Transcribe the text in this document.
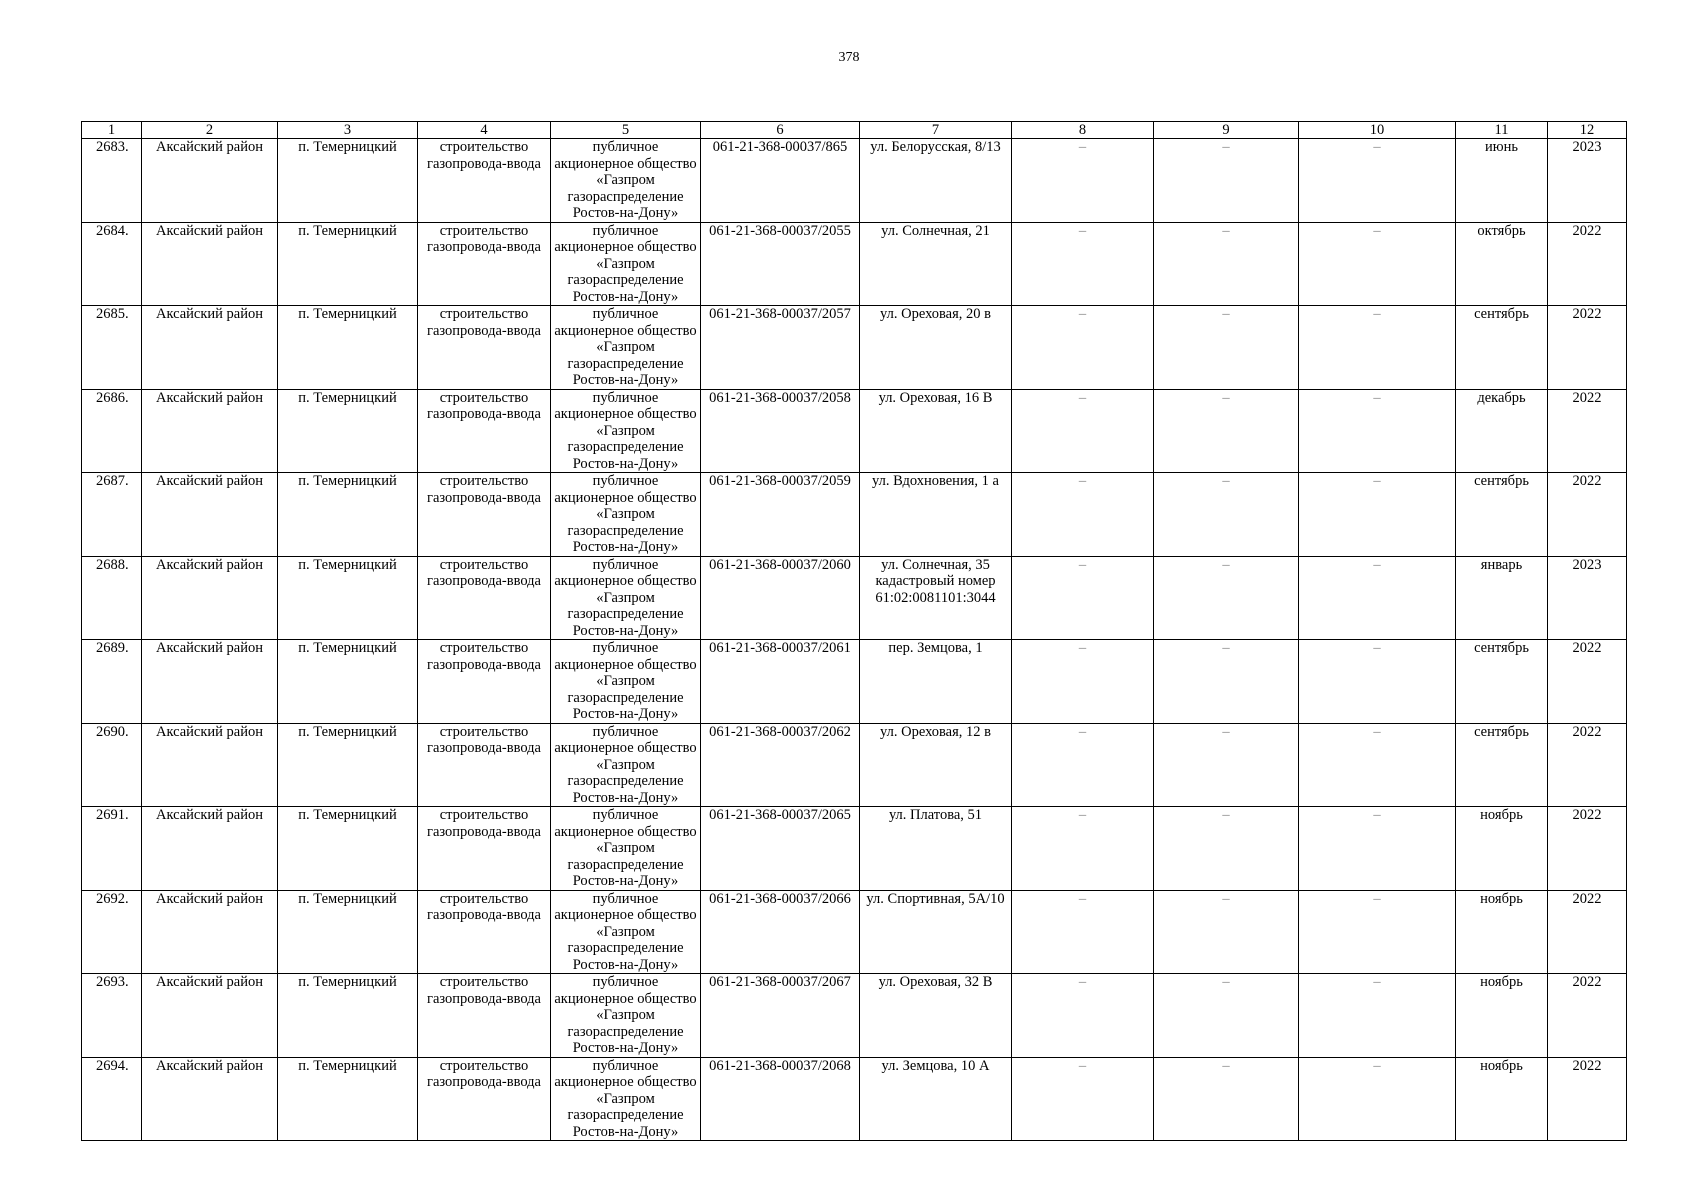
378
1	2	3	4	5	6	7	8	9	10	11	12
2683.	Аксайский район	п. Темерницкий	строительство газопровода-ввода	публичное акционерное общество «Газпром газораспределение Ростов-на-Дону»	061-21-368-00037/865	ул. Белорусская, 8/13	–	–	–	июнь	2023
2684.	Аксайский район	п. Темерницкий	строительство газопровода-ввода	публичное акционерное общество «Газпром газораспределение Ростов-на-Дону»	061-21-368-00037/2055	ул. Солнечная, 21	–	–	–	октябрь	2022
2685.	Аксайский район	п. Темерницкий	строительство газопровода-ввода	публичное акционерное общество «Газпром газораспределение Ростов-на-Дону»	061-21-368-00037/2057	ул. Ореховая, 20 в	–	–	–	сентябрь	2022
2686.	Аксайский район	п. Темерницкий	строительство газопровода-ввода	публичное акционерное общество «Газпром газораспределение Ростов-на-Дону»	061-21-368-00037/2058	ул. Ореховая, 16 В	–	–	–	декабрь	2022
2687.	Аксайский район	п. Темерницкий	строительство газопровода-ввода	публичное акционерное общество «Газпром газораспределение Ростов-на-Дону»	061-21-368-00037/2059	ул. Вдохновения, 1 а	–	–	–	сентябрь	2022
2688.	Аксайский район	п. Темерницкий	строительство газопровода-ввода	публичное акционерное общество «Газпром газораспределение Ростов-на-Дону»	061-21-368-00037/2060	ул. Солнечная, 35 кадастровый номер 61:02:0081101:3044	–	–	–	январь	2023
2689.	Аксайский район	п. Темерницкий	строительство газопровода-ввода	публичное акционерное общество «Газпром газораспределение Ростов-на-Дону»	061-21-368-00037/2061	пер. Земцова, 1	–	–	–	сентябрь	2022
2690.	Аксайский район	п. Темерницкий	строительство газопровода-ввода	публичное акционерное общество «Газпром газораспределение Ростов-на-Дону»	061-21-368-00037/2062	ул. Ореховая, 12 в	–	–	–	сентябрь	2022
2691.	Аксайский район	п. Темерницкий	строительство газопровода-ввода	публичное акционерное общество «Газпром газораспределение Ростов-на-Дону»	061-21-368-00037/2065	ул. Платова, 51	–	–	–	ноябрь	2022
2692.	Аксайский район	п. Темерницкий	строительство газопровода-ввода	публичное акционерное общество «Газпром газораспределение Ростов-на-Дону»	061-21-368-00037/2066	ул. Спортивная, 5А/10	–	–	–	ноябрь	2022
2693.	Аксайский район	п. Темерницкий	строительство газопровода-ввода	публичное акционерное общество «Газпром газораспределение Ростов-на-Дону»	061-21-368-00037/2067	ул. Ореховая, 32 В	–	–	–	ноябрь	2022
2694.	Аксайский район	п. Темерницкий	строительство газопровода-ввода	публичное акционерное общество «Газпром газораспределение Ростов-на-Дону»	061-21-368-00037/2068	ул. Земцова, 10 А	–	–	–	ноябрь	2022
